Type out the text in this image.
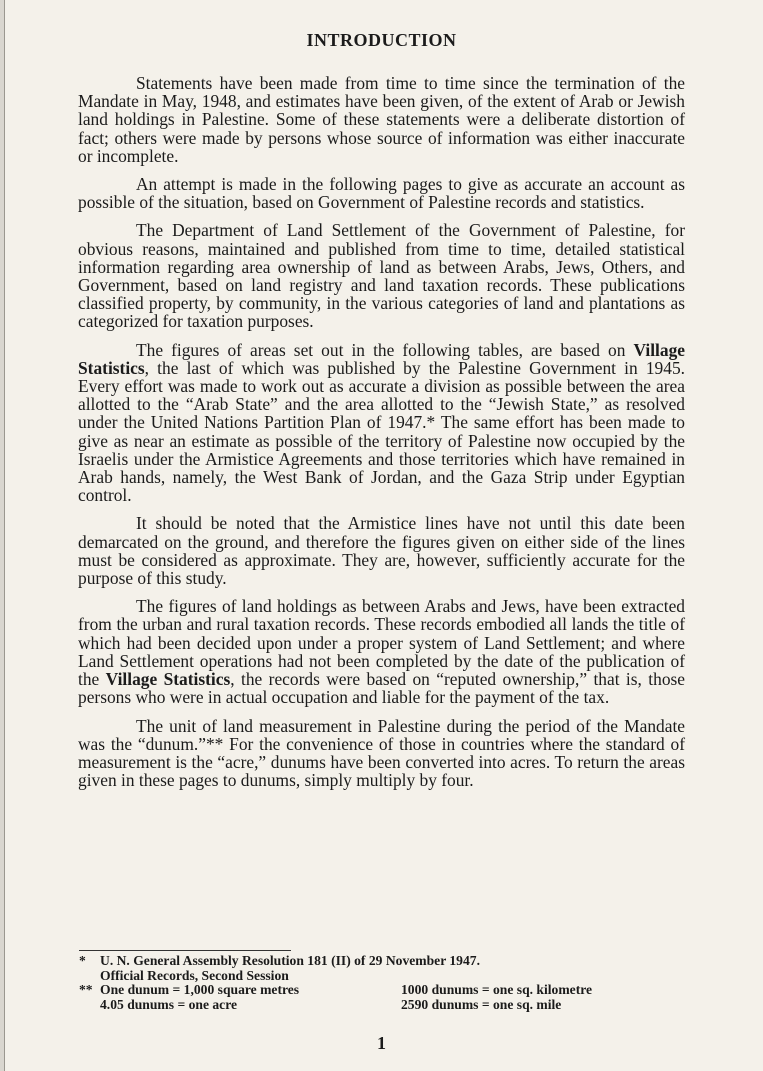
INTRODUCTION

Statements have been made from time to time since the termination of the Mandate in May, 1948, and estimates have been given, of the extent of Arab or Jewish land holdings in Palestine. Some of these statements were a deliberate distortion of fact; others were made by persons whose source of information was either inaccurate or incomplete.

An attempt is made in the following pages to give as accurate an account as possible of the situation, based on Government of Palestine records and statistics.

The Department of Land Settlement of the Government of Palestine, for obvious reasons, maintained and published from time to time, detailed statistical information regarding area ownership of land as between Arabs, Jews, Others, and Government, based on land registry and land taxation records. These publications classified property, by community, in the various categories of land and plantations as categorized for taxation purposes.

The figures of areas set out in the following tables, are based on Village Statistics, the last of which was published by the Palestine Government in 1945. Every effort was made to work out as accurate a division as possible between the area allotted to the “Arab State” and the area allotted to the “Jewish State,” as resolved under the United Nations Partition Plan of 1947.* The same effort has been made to give as near an estimate as possible of the territory of Palestine now occupied by the Israelis under the Armistice Agreements and those territories which have remained in Arab hands, namely, the West Bank of Jordan, and the Gaza Strip under Egyptian control.

It should be noted that the Armistice lines have not until this date been demarcated on the ground, and therefore the figures given on either side of the lines must be considered as approximate. They are, however, sufficiently accurate for the purpose of this study.

The figures of land holdings as between Arabs and Jews, have been extracted from the urban and rural taxation records. These records embodied all lands the title of which had been decided upon under a proper system of Land Settlement; and where Land Settlement operations had not been completed by the date of the publication of the Village Statistics, the records were based on “reputed ownership,” that is, those persons who were in actual occupation and liable for the payment of the tax.

The unit of land measurement in Palestine during the period of the Mandate was the “dunum.”** For the convenience of those in countries where the standard of measurement is the “acre,” dunums have been converted into acres. To return the areas given in these pages to dunums, simply multiply by four.

* U. N. General Assembly Resolution 181 (II) of 29 November 1947.
Official Records, Second Session
** One dunum = 1,000 square metres	1000 dunums = one sq. kilometre
4.05 dunums = one acre	2590 dunums = one sq. mile
1
